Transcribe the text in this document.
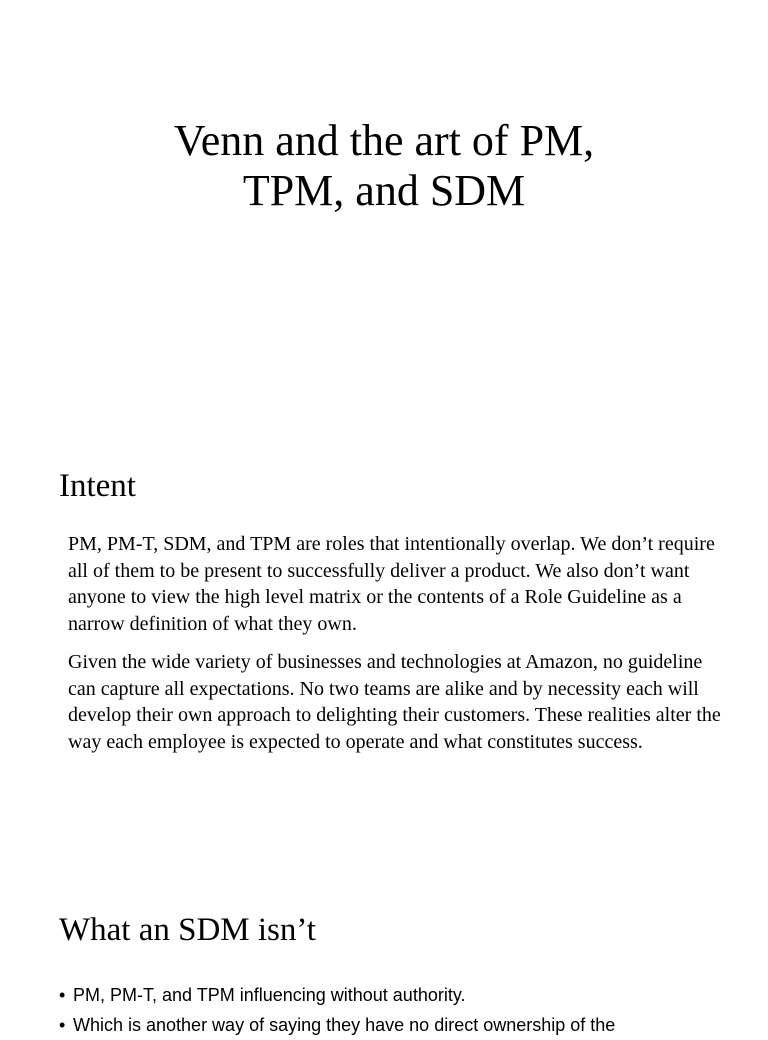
Venn and the art of PM,
TPM, and SDM
Intent

PM, PM-T, SDM, and TPM are roles that intentionally overlap. We don’t require all of them to be present to successfully deliver a product. We also don’t want anyone to view the high level matrix or the contents of a Role Guideline as a narrow definition of what they own.

Given the wide variety of businesses and technologies at Amazon, no guideline can capture all expectations. No two teams are alike and by necessity each will develop their own approach to delighting their customers. These realities alter the way each employee is expected to operate and what constitutes success.

What an SDM isn’t
• PM, PM-T, and TPM influencing without authority.
• Which is another way of saying they have no direct ownership of the
